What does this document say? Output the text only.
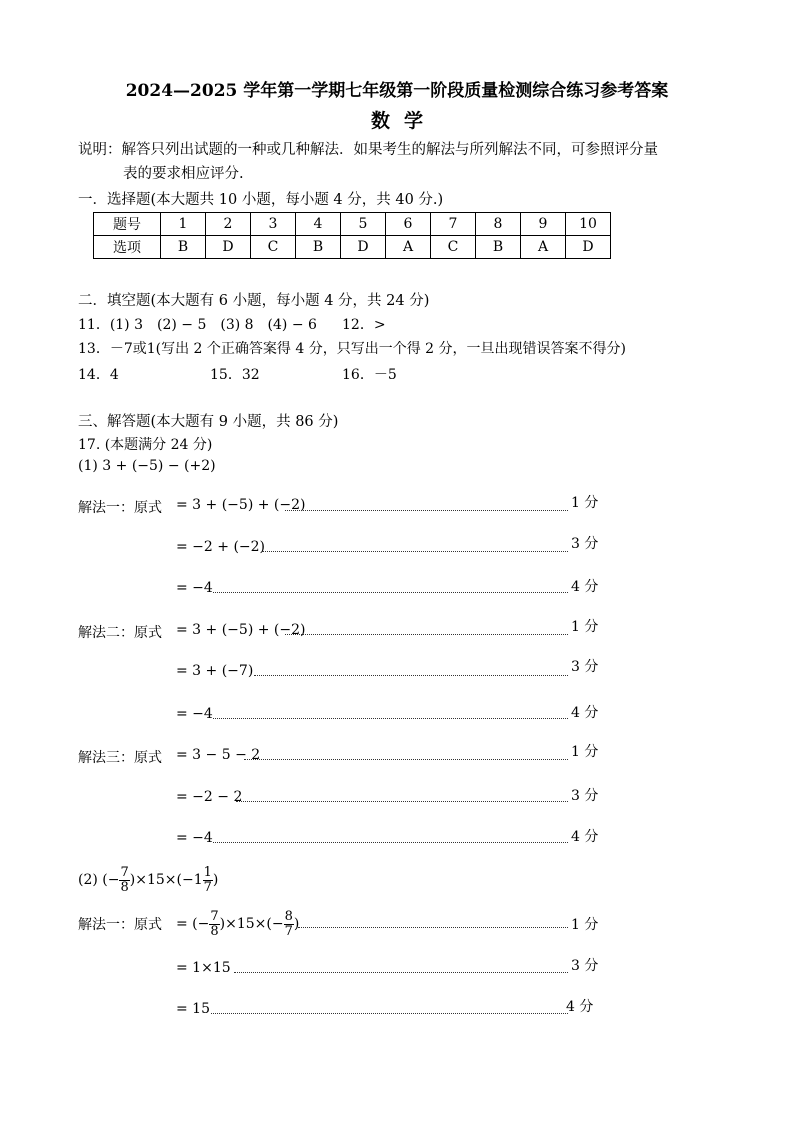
2024—2025 学年第一学期七年级第一阶段质量检测综合练习参考答案
数学
说明：解答只列出试题的一种或几种解法．如果考生的解法与所列解法不同，可参照评分量
表的要求相应评分.
一．选择题(本大题共 10 小题，每小题 4 分，共 40 分.)
题号	1	2	3	4	5	6	7	8	9	10
选项	B	D	C	B	D	A	C	B	A	D
二．填空题(本大题有 6 小题，每小题 4 分，共 24 分)
11．(1) 3　(2) − 5　(3) 8　(4) − 6 12．>
13．－7或1(写出 2 个正确答案得 4 分，只写出一个得 2 分，一旦出现错误答案不得分)
14．4	15．32	16．－5
三、解答题(本大题有 9 小题，共 86 分)
17. (本题满分 24 分)
(1) 3 + (−5) − (+2)
解法一：原式 = 3 + (−5) + (−2)	1 分
= −2 + (−2)	3 分
= −4	4 分
解法二：原式 = 3 + (−5) + (−2)	1 分
= 3 + (−7)	3 分
= −4	4 分
解法三：原式 = 3 − 5 − 2	1 分
= −2 − 2	3 分
= −4	4 分
(2) (− $\frac{7}{8} )\times 15\times(-1 \frac{1}{7}$ )
解法一：原式 = (− $\frac{7}{8} )\times 15\times(- \frac{8}{7}$ )	1 分
= 1×15	3 分
= 15	4 分
